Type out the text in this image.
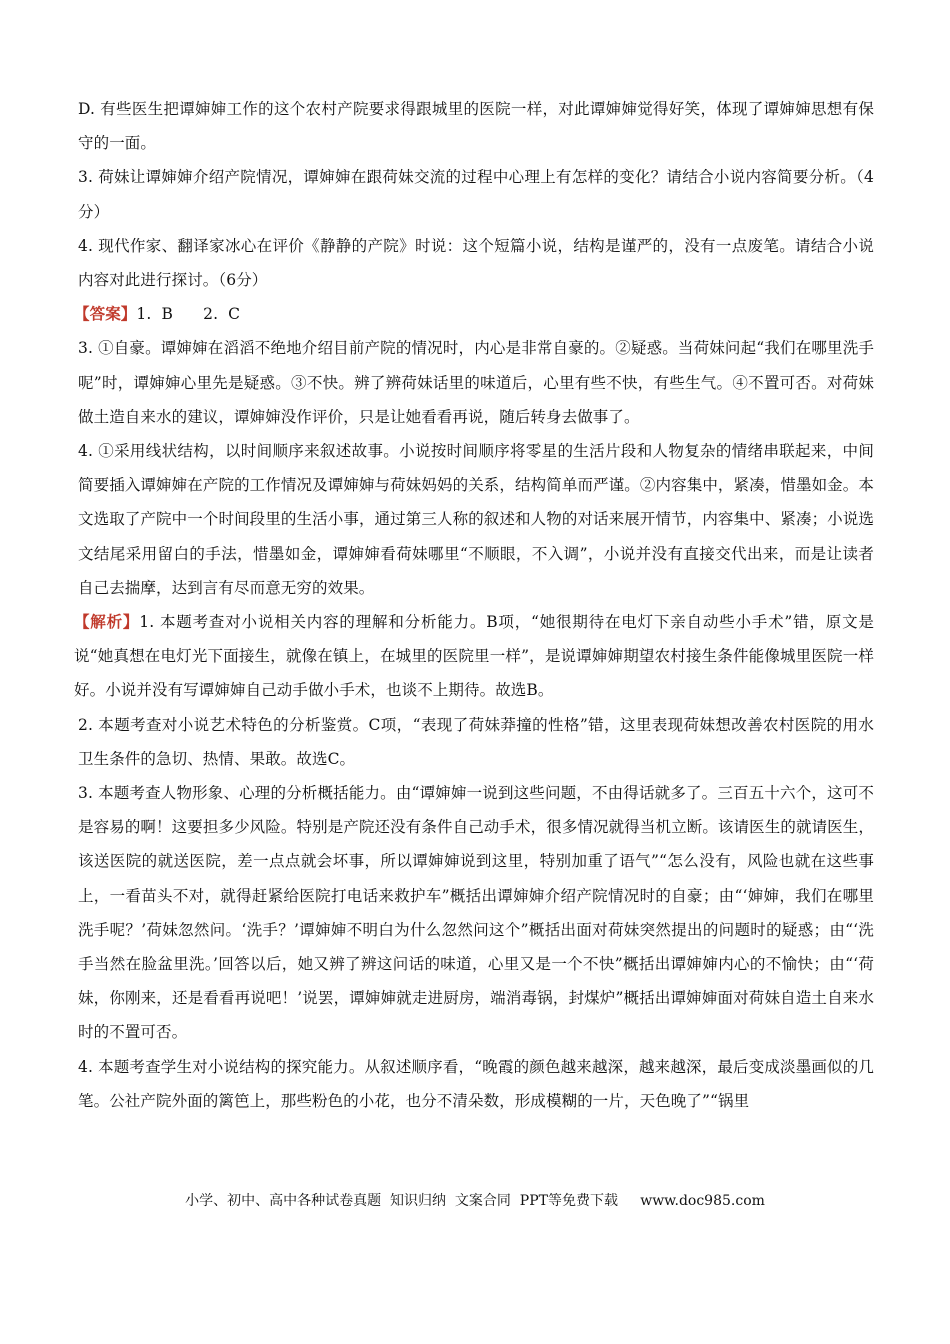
D. 有些医生把谭婶婶工作的这个农村产院要求得跟城里的医院一样，对此谭婶婶觉得好笑，体现了谭婶婶思想有保守的一面。

3. 荷妹让谭婶婶介绍产院情况，谭婶婶在跟荷妹交流的过程中心理上有怎样的变化？请结合小说内容简要分析。（4分）

4. 现代作家、翻译家冰心在评价《静静的产院》时说：这个短篇小说，结构是谨严的，没有一点废笔。请结合小说内容对此进行探讨。（6分）

【答案】1.  B      2.  C

3. ①自豪。谭婶婶在滔滔不绝地介绍目前产院的情况时，内心是非常自豪的。②疑惑。当荷妹问起“我们在哪里洗手呢”时，谭婶婶心里先是疑惑。③不快。辨了辨荷妹话里的味道后，心里有些不快，有些生气。④不置可否。对荷妹做土造自来水的建议，谭婶婶没作评价，只是让她看看再说，随后转身去做事了。

4. ①采用线状结构，以时间顺序来叙述故事。小说按时间顺序将零星的生活片段和人物复杂的情绪串联起来，中间简要插入谭婶婶在产院的工作情况及谭婶婶与荷妹妈妈的关系，结构简单而严谨。②内容集中，紧凑，惜墨如金。本文选取了产院中一个时间段里的生活小事，通过第三人称的叙述和人物的对话来展开情节，内容集中、紧凑；小说选文结尾采用留白的手法，惜墨如金，谭婶婶看荷妹哪里“不顺眼，不入调”，小说并没有直接交代出来，而是让读者自己去揣摩，达到言有尽而意无穷的效果。

【解析】1. 本题考查对小说相关内容的理解和分析能力。B项，“她很期待在电灯下亲自动些小手术”错，原文是说“她真想在电灯光下面接生，就像在镇上，在城里的医院里一样”，是说谭婶婶期望农村接生条件能像城里医院一样好。小说并没有写谭婶婶自己动手做小手术，也谈不上期待。故选B。

2. 本题考查对小说艺术特色的分析鉴赏。C项，“表现了荷妹莽撞的性格”错，这里表现荷妹想改善农村医院的用水卫生条件的急切、热情、果敢。故选C。

3. 本题考查人物形象、心理的分析概括能力。由“谭婶婶一说到这些问题，不由得话就多了。三百五十六个，这可不是容易的啊！这要担多少风险。特别是产院还没有条件自己动手术，很多情况就得当机立断。该请医生的就请医生，该送医院的就送医院，差一点点就会坏事，所以谭婶婶说到这里，特别加重了语气”“怎么没有，风险也就在这些事上，一看苗头不对，就得赶紧给医院打电话来救护车”概括出谭婶婶介绍产院情况时的自豪；由“‘婶婶，我们在哪里洗手呢？’荷妹忽然问。‘洗手？’谭婶婶不明白为什么忽然问这个”概括出面对荷妹突然提出的问题时的疑惑；由“‘洗手当然在脸盆里洗。’回答以后，她又辨了辨这问话的味道，心里又是一个不快”概括出谭婶婶内心的不愉快；由“‘荷妹，你刚来，还是看看再说吧！’说罢，谭婶婶就走进厨房，端消毒锅，封煤炉”概括出谭婶婶面对荷妹自造土自来水时的不置可否。

4. 本题考查学生对小说结构的探究能力。从叙述顺序看，“晚霞的颜色越来越深，越来越深，最后变成淡墨画似的几笔。公社产院外面的篱笆上，那些粉色的小花，也分不清朵数，形成模糊的一片，天色晚了”“锅里

小学、初中、高中各种试卷真题  知识归纳  文案合同  PPT等免费下载     www.doc985.com
